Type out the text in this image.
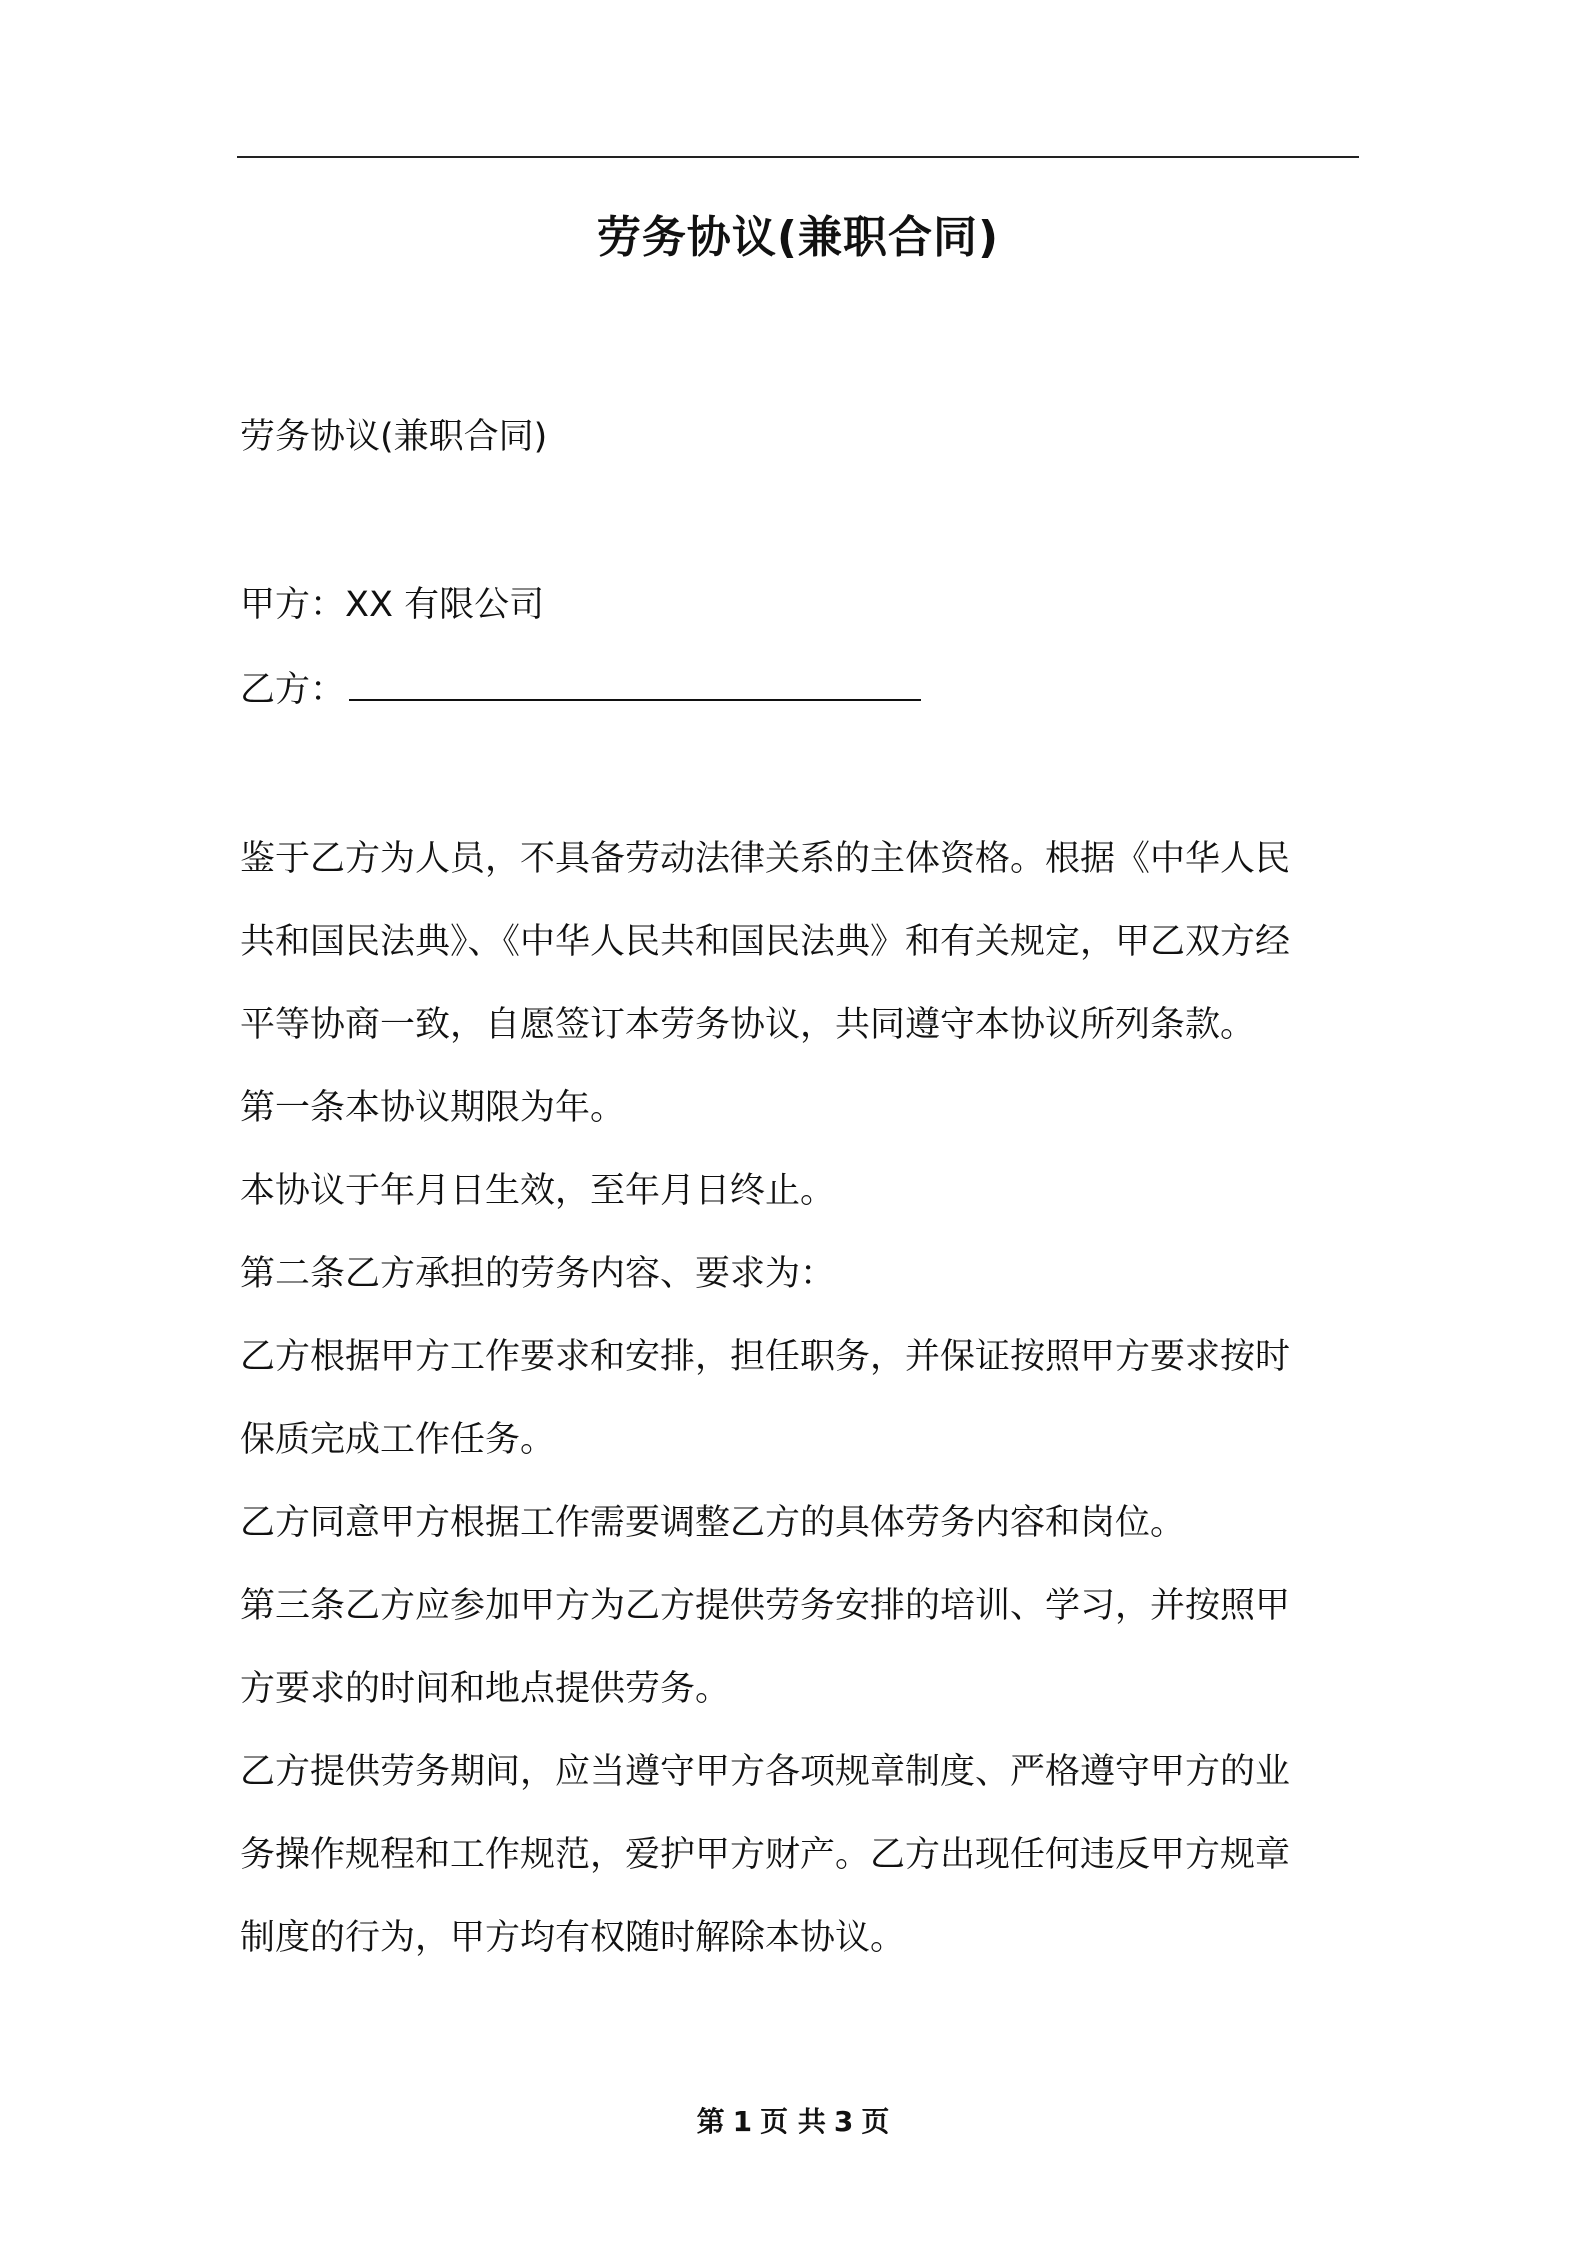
劳务协议(兼职合同)
劳务协议(兼职合同)
甲方：XX 有限公司
乙方：
鉴于乙方为人员，不具备劳动法律关系的主体资格。根据《中华人民
共和国民法典》、《中华人民共和国民法典》和有关规定，甲乙双方经
平等协商一致，自愿签订本劳务协议，共同遵守本协议所列条款。
第一条本协议期限为年。
本协议于年月日生效，至年月日终止。
第二条乙方承担的劳务内容、要求为：
乙方根据甲方工作要求和安排，担任职务，并保证按照甲方要求按时
保质完成工作任务。
乙方同意甲方根据工作需要调整乙方的具体劳务内容和岗位。
第三条乙方应参加甲方为乙方提供劳务安排的培训、学习，并按照甲
方要求的时间和地点提供劳务。
乙方提供劳务期间，应当遵守甲方各项规章制度、严格遵守甲方的业
务操作规程和工作规范，爱护甲方财产。乙方出现任何违反甲方规章
制度的行为，甲方均有权随时解除本协议。
第 1 页 共 3 页
